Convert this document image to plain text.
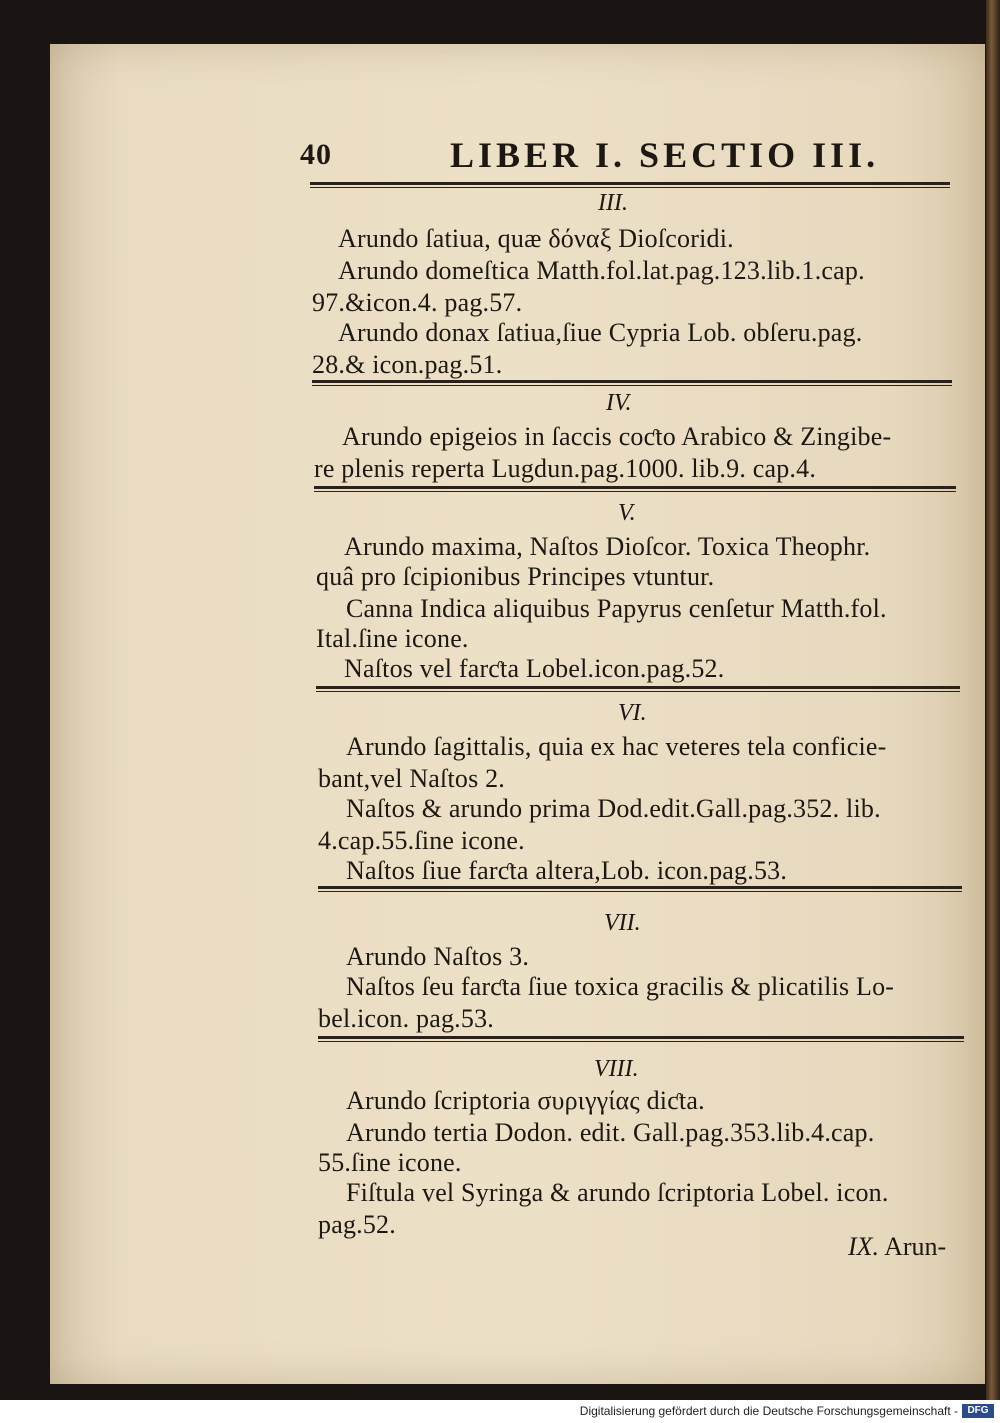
40	LIBER I. SECTIO III.
III.
Arundo ſatiua, quæ δόναξ Dioſcoridi.
Arundo domeſtica Matth.fol.lat.pag.123.lib.1.cap.
97.&icon.4. pag.57.
Arundo donax ſatiua,ſiue Cypria Lob. obſeru.pag.
28.& icon.pag.51.
IV.
Arundo epigeios in ſaccis coƈto Arabico & Zingibe-
re plenis reperta Lugdun.pag.1000. lib.9. cap.4.
V.
Arundo maxima, Naſtos Dioſcor. Toxica Theophr.
quâ pro ſcipionibus Principes vtuntur.
Canna Indica aliquibus Papyrus cenſetur Matth.fol.
Ital.ſine icone.
Naſtos vel farƈta Lobel.icon.pag.52.
VI.
Arundo ſagittalis, quia ex hac veteres tela conficie-
bant,vel Naſtos 2.
Naſtos & arundo prima Dod.edit.Gall.pag.352. lib.
4.cap.55.ſine icone.
Naſtos ſiue farƈta altera,Lob. icon.pag.53.
VII.
Arundo Naſtos 3.
Naſtos ſeu farƈta ſiue toxica gracilis & plicatilis Lo-
bel.icon. pag.53.
VIII.
Arundo ſcriptoria συριγγίας diƈta.
Arundo tertia Dodon. edit. Gall.pag.353.lib.4.cap.
55.ſine icone.
Fiſtula vel Syringa & arundo ſcriptoria Lobel. icon.
pag.52.
IX. Arun-
Digitalisierung gefördert durch die Deutsche Forschungsgemeinschaft - DFG
